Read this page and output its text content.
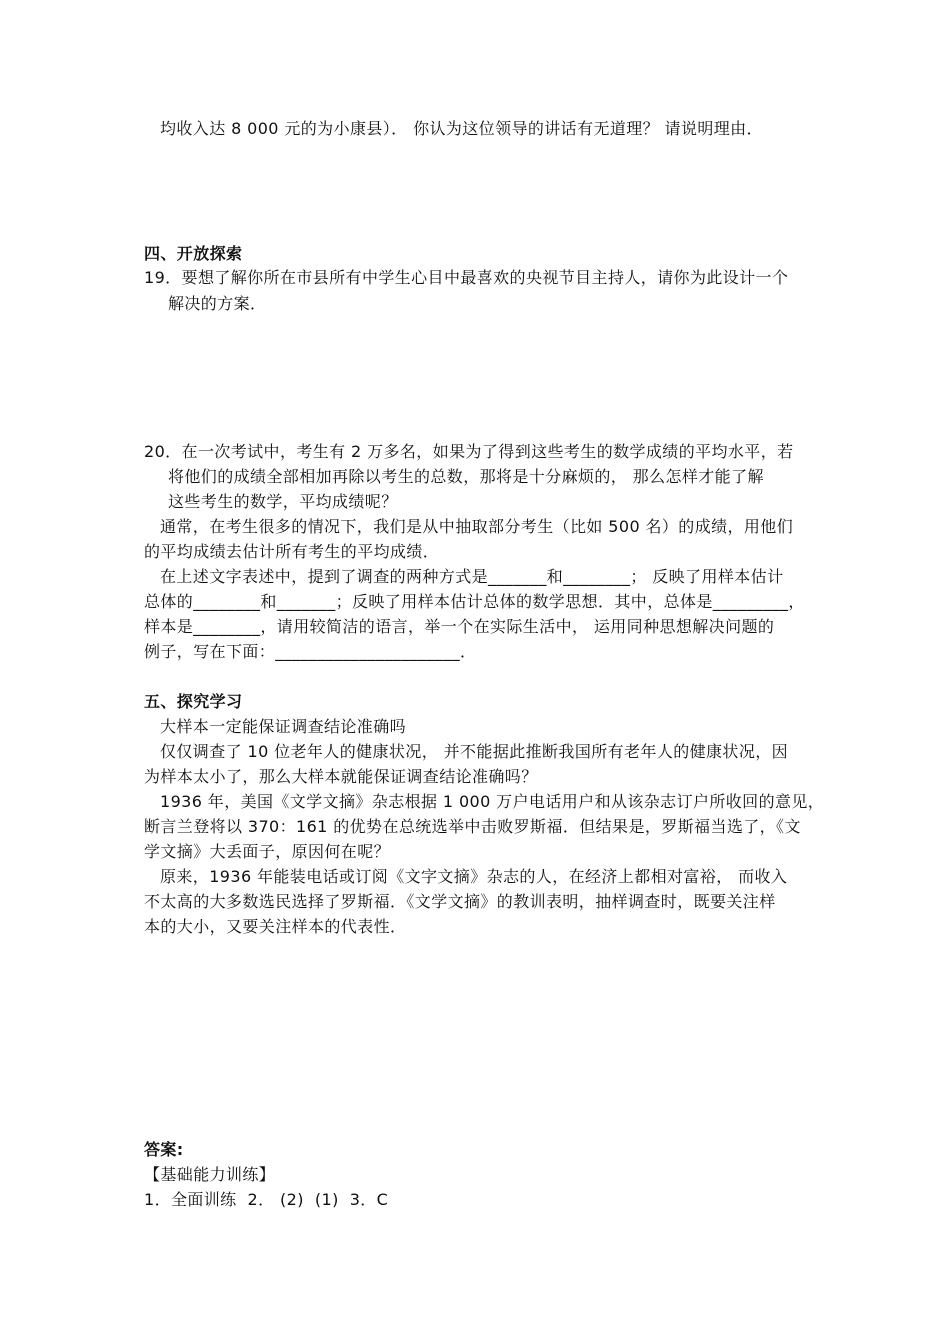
均收入达 8 000 元的为小康县）． 你认为这位领导的讲话有无道理？ 请说明理由．
四、开放探索
19．要想了解你所在市县所有中学生心目中最喜欢的央视节目主持人，请你为此设计一个
解决的方案．
20．在一次考试中，考生有 2 万多名，如果为了得到这些考生的数学成绩的平均水平，若
将他们的成绩全部相加再除以考生的总数，那将是十分麻烦的， 那么怎样才能了解
这些考生的数学，平均成绩呢？
通常，在考生很多的情况下，我们是从中抽取部分考生（比如 500 名）的成绩，用他们
的平均成绩去估计所有考生的平均成绩．
在上述文字表述中，提到了调查的两种方式是_______和________； 反映了用样本估计
总体的________和_______；反映了用样本估计总体的数学思想．其中，总体是_________，
样本是________，请用较简洁的语言，举一个在实际生活中， 运用同种思想解决问题的
例子，写在下面：______________________．
五、探究学习
大样本一定能保证调查结论准确吗
仅仅调查了 10 位老年人的健康状况， 并不能据此推断我国所有老年人的健康状况，因
为样本太小了，那么大样本就能保证调查结论准确吗？
1936 年，美国《文学文摘》杂志根据 1 000 万户电话用户和从该杂志订户所收回的意见，
断言兰登将以 370：161 的优势在总统选举中击败罗斯福．但结果是，罗斯福当选了，《文
学文摘》大丢面子，原因何在呢？
原来，1936 年能装电话或订阅《文字文摘》杂志的人，在经济上都相对富裕， 而收入
不太高的大多数选民选择了罗斯福．《文学文摘》的教训表明，抽样调查时，既要关注样
本的大小，又要关注样本的代表性．
答案:
【基础能力训练】
1．全面训练  2． (2)  (1)  3．C
